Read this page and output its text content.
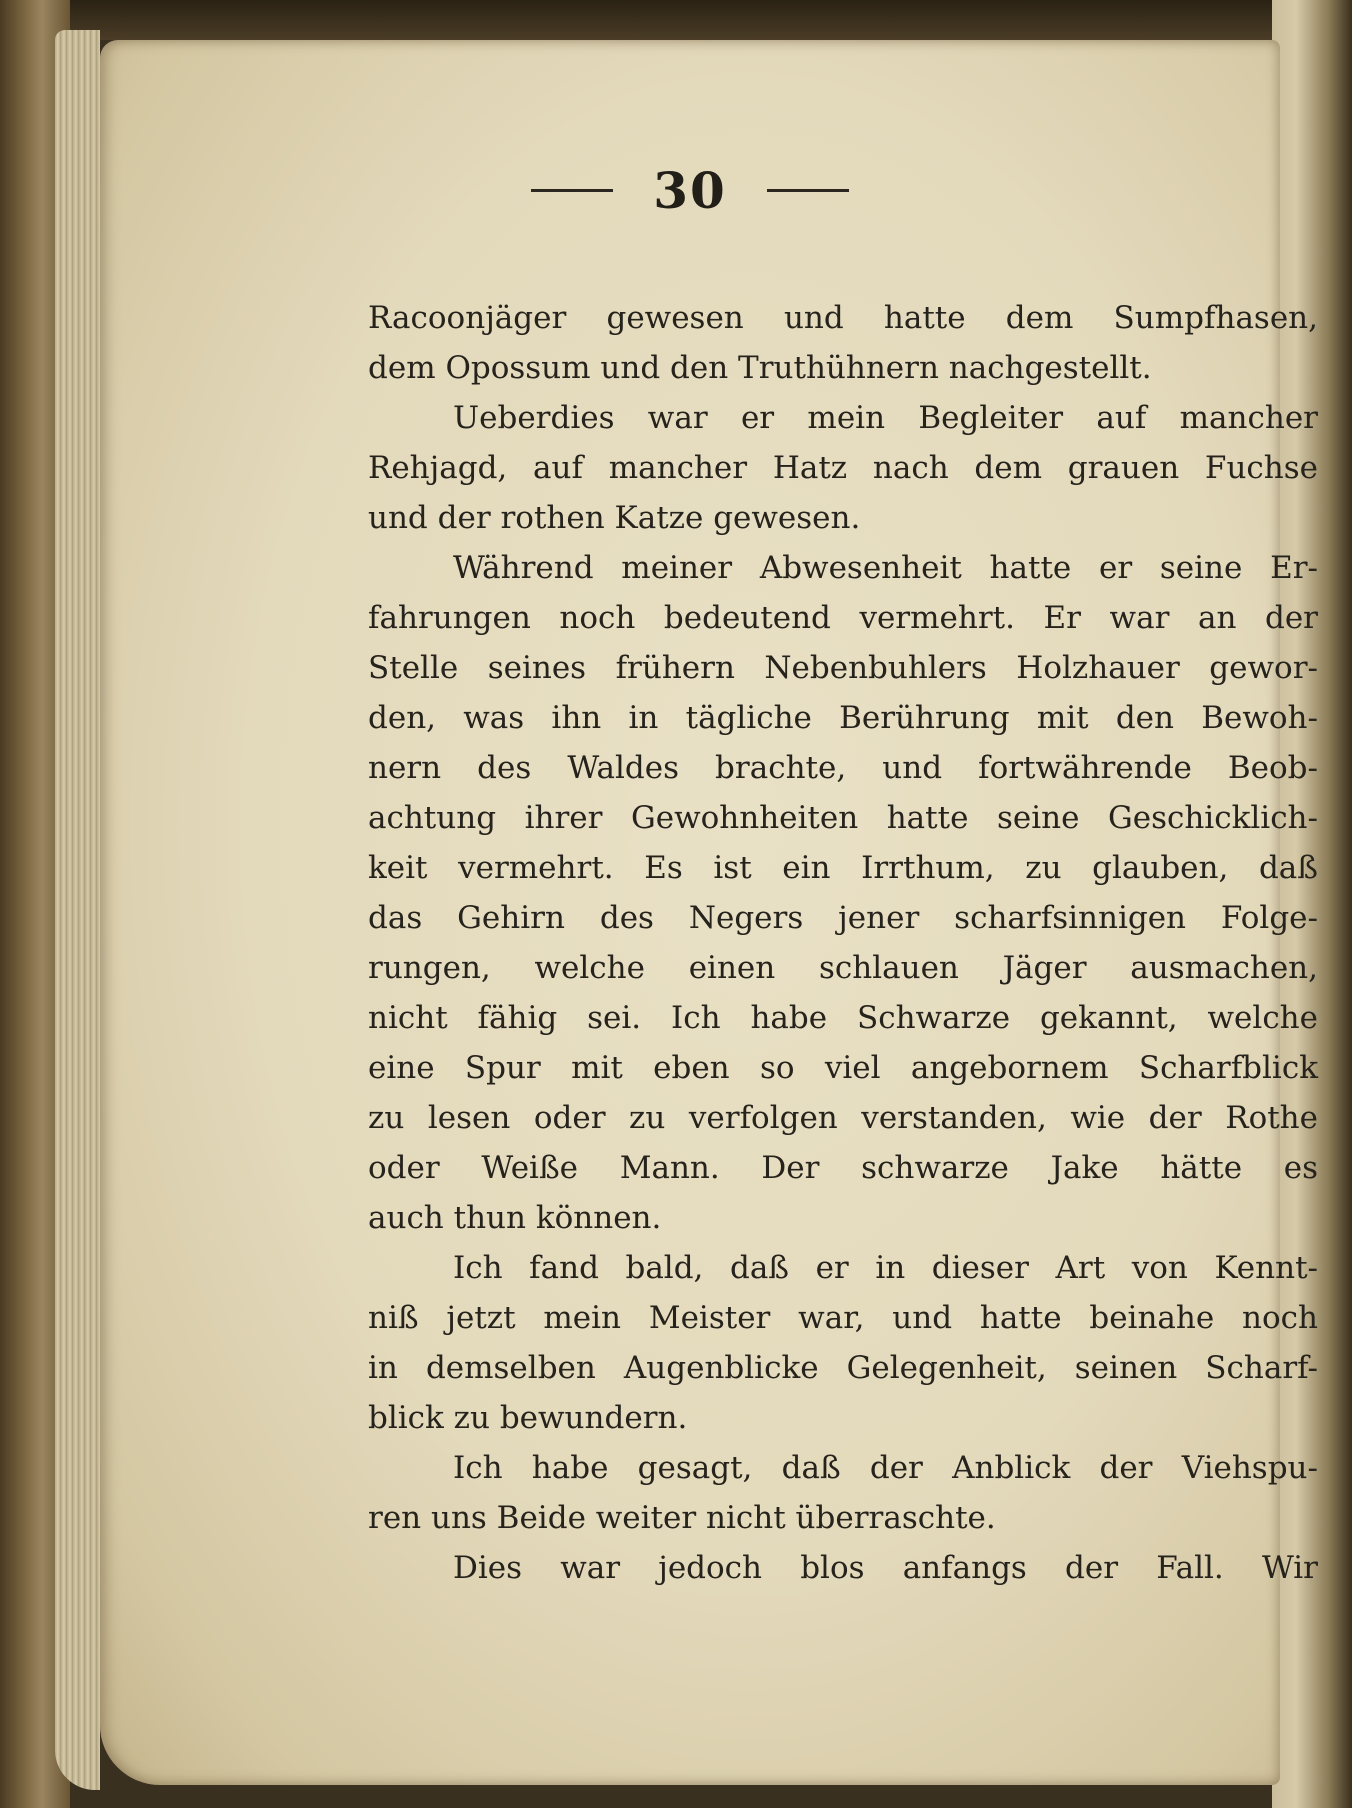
30
Racoonjäger gewesen und hatte dem Sumpfhasen,
dem Opossum und den Truthühnern nachgestellt.
Ueberdies war er mein Begleiter auf mancher
Rehjagd, auf mancher Hatz nach dem grauen Fuchse
und der rothen Katze gewesen.
Während meiner Abwesenheit hatte er seine Er-
fahrungen noch bedeutend vermehrt. Er war an der
Stelle seines frühern Nebenbuhlers Holzhauer gewor-
den, was ihn in tägliche Berührung mit den Bewoh-
nern des Waldes brachte, und fortwährende Beob-
achtung ihrer Gewohnheiten hatte seine Geschicklich-
keit vermehrt. Es ist ein Irrthum, zu glauben, daß
das Gehirn des Negers jener scharfsinnigen Folge-
rungen, welche einen schlauen Jäger ausmachen,
nicht fähig sei. Ich habe Schwarze gekannt, welche
eine Spur mit eben so viel angebornem Scharfblick
zu lesen oder zu verfolgen verstanden, wie der Rothe
oder Weiße Mann. Der schwarze Jake hätte es
auch thun können.
Ich fand bald, daß er in dieser Art von Kennt-
niß jetzt mein Meister war, und hatte beinahe noch
in demselben Augenblicke Gelegenheit, seinen Scharf-
blick zu bewundern.
Ich habe gesagt, daß der Anblick der Viehspu-
ren uns Beide weiter nicht überraschte.
Dies war jedoch blos anfangs der Fall. Wir
